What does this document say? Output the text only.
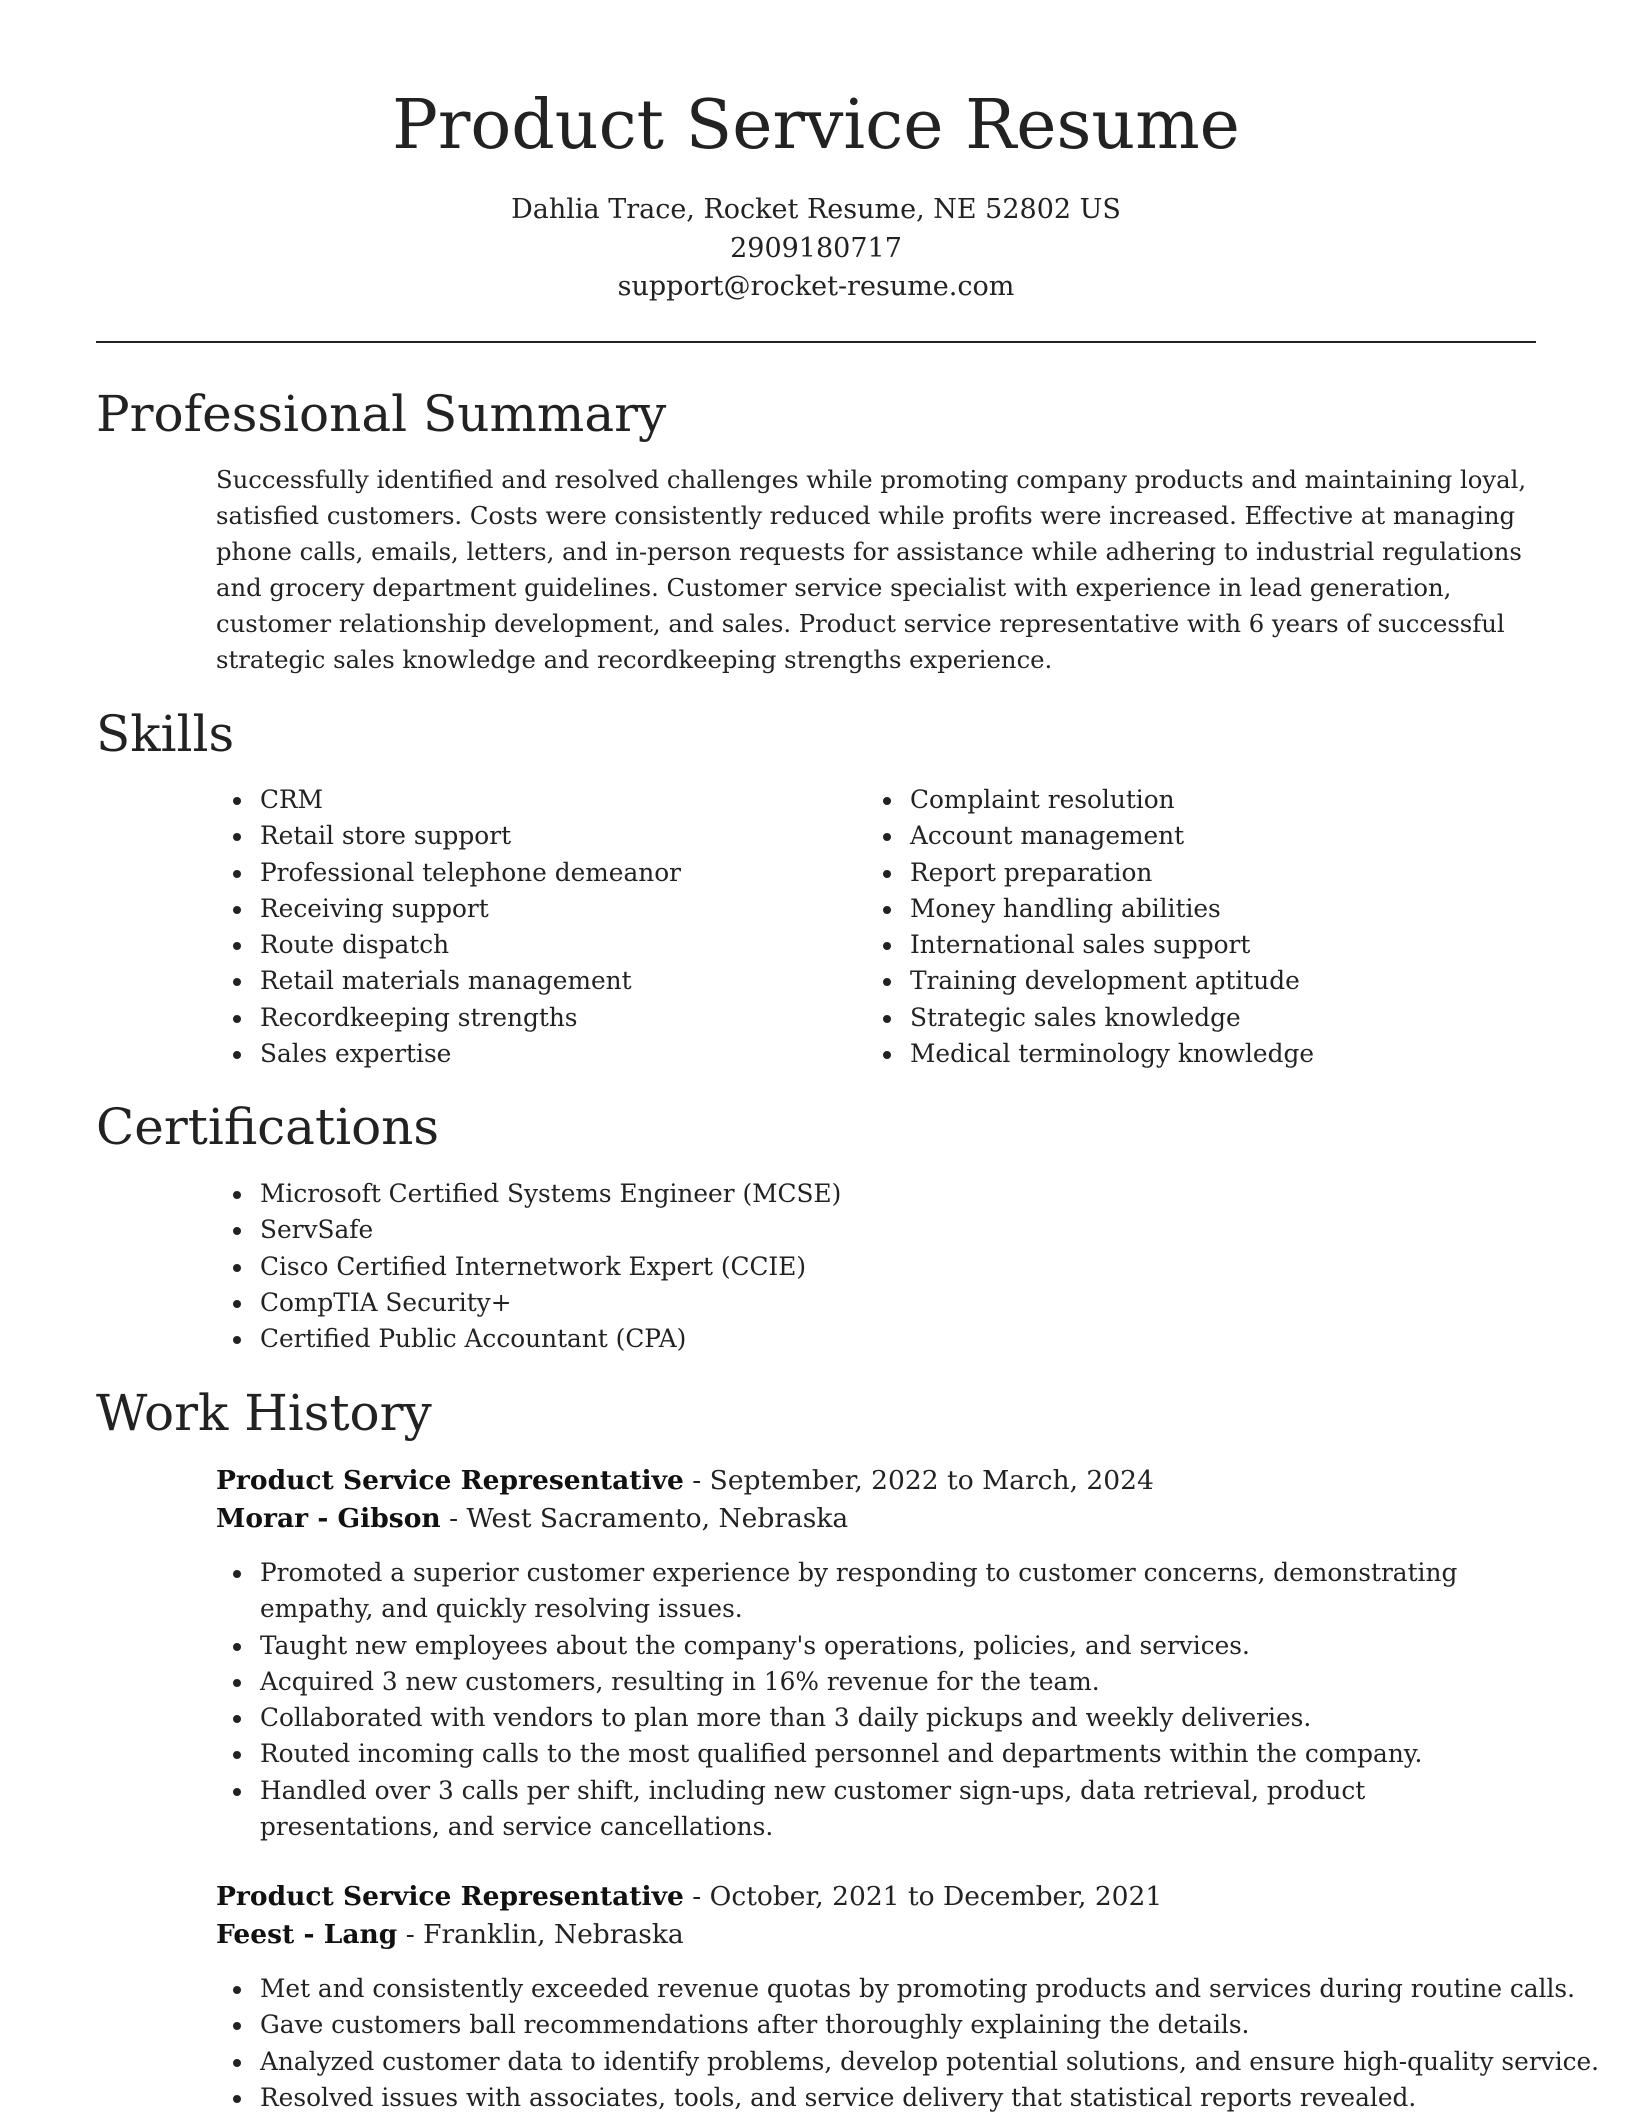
Product Service Resume
Dahlia Trace, Rocket Resume, NE 52802 US
2909180717
support@rocket-resume.com
Professional Summary
Successfully identified and resolved challenges while promoting company products and maintaining loyal, satisfied customers. Costs were consistently reduced while profits were increased. Effective at managing phone calls, emails, letters, and in-person requests for assistance while adhering to industrial regulations and grocery department guidelines. Customer service specialist with experience in lead generation, customer relationship development, and sales. Product service representative with 6 years of successful strategic sales knowledge and recordkeeping strengths experience.
Skills
CRM
Retail store support
Professional telephone demeanor
Receiving support
Route dispatch
Retail materials management
Recordkeeping strengths
Sales expertise
Complaint resolution
Account management
Report preparation
Money handling abilities
International sales support
Training development aptitude
Strategic sales knowledge
Medical terminology knowledge
Certifications
Microsoft Certified Systems Engineer (MCSE)
ServSafe
Cisco Certified Internetwork Expert (CCIE)
CompTIA Security+
Certified Public Accountant (CPA)
Work History
Product Service Representative - September, 2022 to March, 2024
Morar - Gibson - West Sacramento, Nebraska
Promoted a superior customer experience by responding to customer concerns, demonstrating empathy, and quickly resolving issues.
Taught new employees about the company's operations, policies, and services.
Acquired 3 new customers, resulting in 16% revenue for the team.
Collaborated with vendors to plan more than 3 daily pickups and weekly deliveries.
Routed incoming calls to the most qualified personnel and departments within the company.
Handled over 3 calls per shift, including new customer sign-ups, data retrieval, product presentations, and service cancellations.
Product Service Representative - October, 2021 to December, 2021
Feest - Lang - Franklin, Nebraska
Met and consistently exceeded revenue quotas by promoting products and services during routine calls.
Gave customers ball recommendations after thoroughly explaining the details.
Analyzed customer data to identify problems, develop potential solutions, and ensure high-quality service.
Resolved issues with associates, tools, and service delivery that statistical reports revealed.
